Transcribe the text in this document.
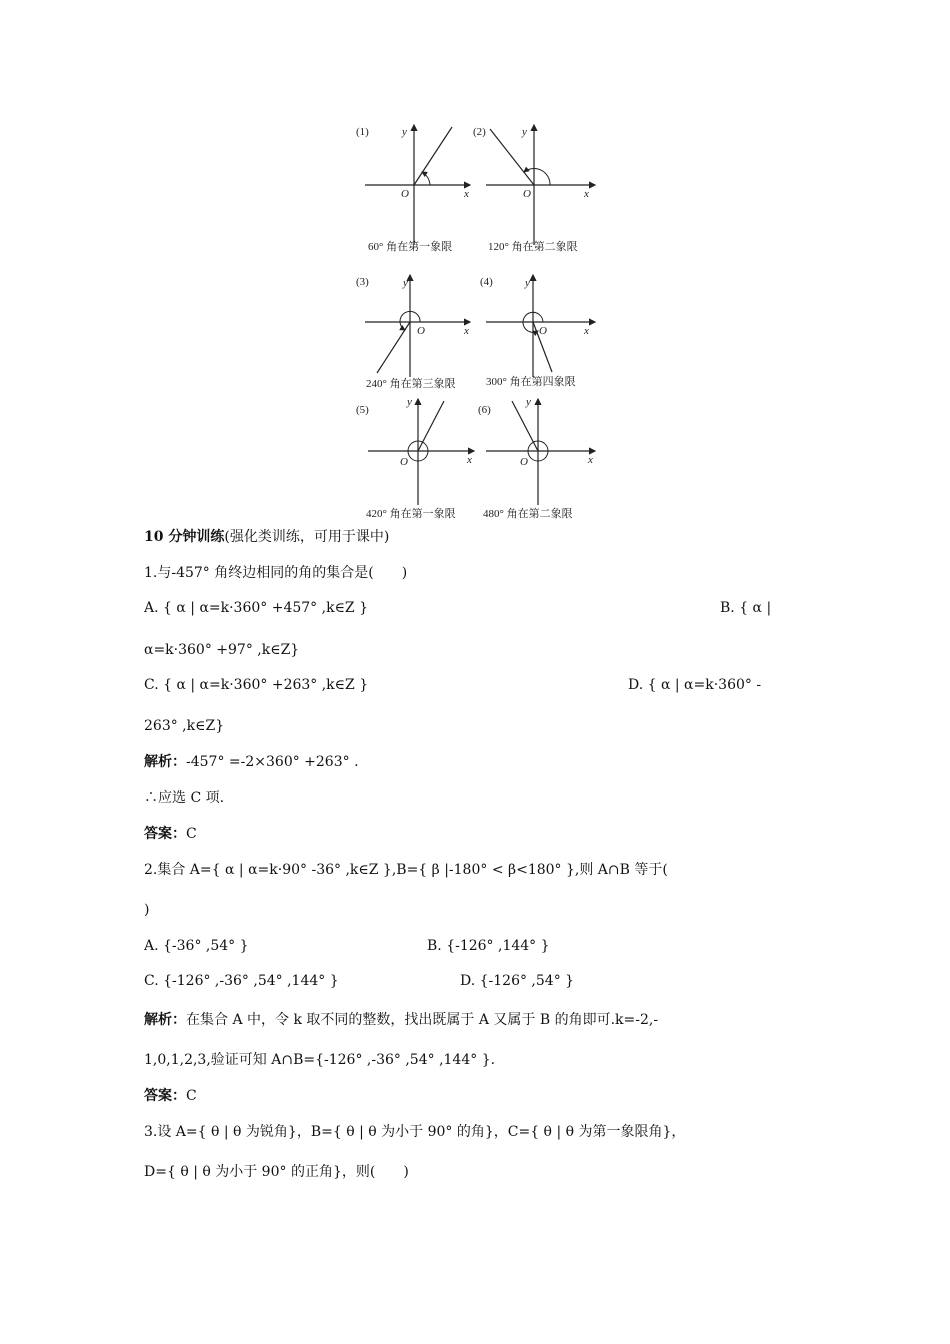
(1)	y
x
O
60° 角在第一象限
(2)	y
x
O
120° 角在第二象限
(3)	y
x
O
240° 角在第三象限
(4)	y
x
O
300° 角在第四象限
(5)
y
x
O
420° 角在第一象限
(6)
y
x
O
480° 角在第二象限
10 分钟训练(强化类训练，可用于课中)
1.与-457° 角终边相同的角的集合是(　　)
A. { α | α=k·360° +457° ,k∈Z }	B. { α |
α=k·360° +97° ,k∈Z}
C. { α | α=k·360° +263° ,k∈Z }	D. { α | α=k·360° -
263° ,k∈Z}
解析：-457° =-2×360° +263° .
∴应选 C 项.
答案：C
2.集合 A={ α | α=k·90° -36° ,k∈Z },B={ β |-180° < β<180° },则 A∩B 等于(
)
A. {-36° ,54° }	B. {-126° ,144° }
C. {-126° ,-36° ,54° ,144° }	D. {-126° ,54° }
解析：在集合 A 中，令 k 取不同的整数，找出既属于 A 又属于 B 的角即可.k=-2,-
1,0,1,2,3,验证可知 A∩B={-126° ,-36° ,54° ,144° }.
答案：C
3.设 A={ θ | θ 为锐角}，B={ θ | θ 为小于 90° 的角}，C={ θ | θ 为第一象限角}，
D={ θ | θ 为小于 90° 的正角}，则(　　)
